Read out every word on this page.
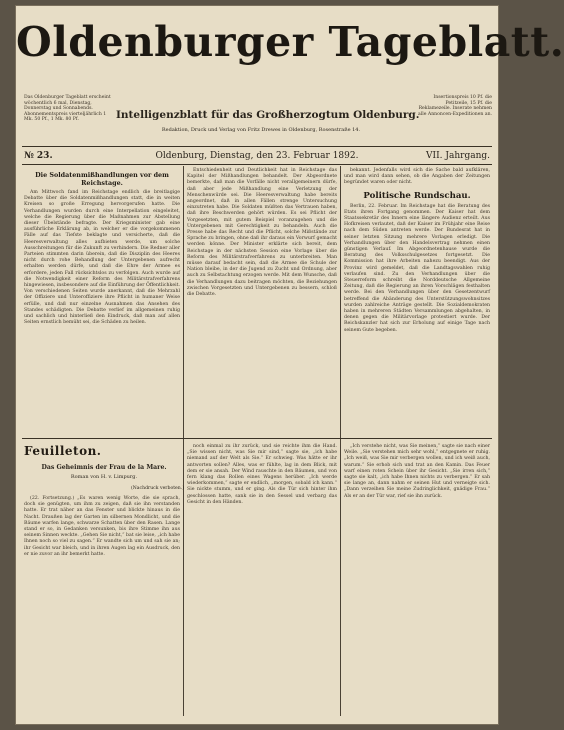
Oldenburger Tageblatt.

Das Oldenburger Tageblatt erscheint wöchentlich 6 mal, Dienstag, Donnerstag und Sonnabends. Abonnementspreis vierteljährlich 1 Mk. 50 Pf., 1 Mk. 80 Pf.

Insertionspreis 10 Pf. die Petitzeile, 15 Pf. die Reklamezeile. Inserate nehmen alle Annoncen-Expeditionen an.

Intelligenzblatt für das Großherzogtum Oldenburg.
Redaktion, Druck und Verlag von Fritz Drewes in Oldenburg, Rosenstraße 14.
№ 23.	Oldenburg, Dienstag, den 23. Februar 1892.	VII. Jahrgang.
Die Soldatenmißhandlungen vor dem Reichstage.

Am Mittwoch fand im Reichstage endlich die breitlagige Debatte über die Soldatenmißhandlungen statt, die in weiten Kreisen so große Erregung hervorgerufen hatte. Die Verhandlungen wurden durch eine Interpellation eingeleitet, welche die Regierung über die Maßnahmen zur Abstellung dieser Übelstände befragte. Der Kriegsminister gab eine ausführliche Erklärung ab, in welcher er die vorgekommenen Fälle auf das Tiefste beklagte und versicherte, daß die Heeresverwaltung alles aufbieten werde, um solche Ausschreitungen für die Zukunft zu verhindern. Die Redner aller Parteien stimmten darin überein, daß die Disziplin des Heeres nicht durch rohe Behandlung der Untergebenen aufrecht erhalten werden dürfe, und daß die Ehre der Armee es erfordere, jeden Fall rücksichtslos zu verfolgen. Auch wurde auf die Notwendigkeit einer Reform des Militärstrafverfahrens hingewiesen, insbesondere auf die Einführung der Öffentlichkeit. Von verschiedenen Seiten wurde anerkannt, daß die Mehrzahl der Offiziere und Unteroffiziere ihre Pflicht in humaner Weise erfülle, und daß nur einzelne Ausnahmen das Ansehen des Standes schädigten. Die Debatte verlief im allgemeinen ruhig und sachlich und hinterließ den Eindruck, daß man auf allen Seiten ernstlich bemüht sei, die Schäden zu heilen.

Entschiedenheit und Deutlichkeit hat in Reichstage das Kapitel der Mißhandlungen behandelt. Der Abgeordnete bemerkte, daß man die Vorfälle nicht verallgemeinern dürfe, daß aber jede Mißhandlung eine Verletzung der Menschenwürde sei. Die Heeresverwaltung habe bereits angeordnet, daß in allen Fällen strenge Untersuchung einzutreten habe. Die Soldaten müßten das Vertrauen haben, daß ihre Beschwerden gehört würden. Es sei Pflicht der Vorgesetzten, mit gutem Beispiel voranzugehen und die Untergebenen mit Gerechtigkeit zu behandeln. Auch die Presse habe das Recht und die Pflicht, solche Mißstände zur Sprache zu bringen, ohne daß ihr daraus ein Vorwurf gemacht werden könne. Der Minister erklärte sich bereit, dem Reichstage in der nächsten Session eine Vorlage über die Reform des Militärstrafverfahrens zu unterbreiten. Man müsse darauf bedacht sein, daß die Armee die Schule der Nation bleibe, in der die Jugend zu Zucht und Ordnung, aber auch zu Selbstachtung erzogen werde. Mit dem Wunsche, daß die Verhandlungen dazu beitragen möchten, die Beziehungen zwischen Vorgesetzten und Untergebenen zu bessern, schloß die Debatte.

bekannt. Jedenfalls wird sich die Sache bald aufklären, und man wird dann sehen, ob die Angaben der Zeitungen begründet waren oder nicht.

Politische Rundschau.

Berlin, 22. Februar. Im Reichstage hat die Beratung des Etats ihren Fortgang genommen. Der Kaiser hat dem Staatssekretär des Innern eine längere Audienz erteilt. Aus Hofkreisen verlautet, daß der Kaiser im Frühjahr eine Reise nach dem Süden antreten werde. Der Bundesrat hat in seiner letzten Sitzung mehrere Vorlagen erledigt. Die Verhandlungen über den Handelsvertrag nehmen einen günstigen Verlauf. Im Abgeordnetenhause wurde die Beratung des Volksschulgesetzes fortgesetzt. Die Kommission hat ihre Arbeiten nahezu beendigt. Aus der Provinz wird gemeldet, daß die Landtagswahlen ruhig verlaufen sind. Zu den Verhandlungen über die Steuerreform schreibt die Norddeutsche Allgemeine Zeitung, daß die Regierung an ihren Vorschlägen festhalten werde. Bei den Verhandlungen über den Gesetzentwurf betreffend die Abänderung des Unterstützungswohnsitzes wurden zahlreiche Anträge gestellt. Die Sozialdemokraten haben in mehreren Städten Versammlungen abgehalten, in denen gegen die Militärvorlage protestiert wurde. Der Reichskanzler hat sich zur Erholung auf einige Tage nach seinem Gute begeben.

Feuilleton.
Das Geheimnis der Frau de la Mare.
Roman von H. v. Limpurg.
(Nachdruck verboten.)

(22. Fortsetzung.) „Es waren wenig Worte, die sie sprach, doch sie genügten, um ihm zu zeigen, daß sie ihn verstanden hatte. Er trat näher an das Fenster und blickte hinaus in die Nacht. Draußen lag der Garten im silbernen Mondlicht, und die Bäume warfen lange, schwarze Schatten über den Rasen. Lange stand er so, in Gedanken versunken, bis ihre Stimme ihn aus seinem Sinnen weckte. „Gehen Sie nicht,“ bat sie leise, „ich habe Ihnen noch so viel zu sagen.“ Er wandte sich um und sah sie an; ihr Gesicht war bleich, und in ihren Augen lag ein Ausdruck, den er nie zuvor an ihr bemerkt hatte.

noch einmal zu ihr zurück, und sie reichte ihm die Hand. „Sie wissen nicht, was Sie mir sind,“ sagte sie, „ich habe niemand auf der Welt als Sie.“ Er schwieg. Was hätte er ihr antworten sollen? Alles, was er fühlte, lag in dem Blick, mit dem er sie ansah. Der Wind rauschte in den Bäumen, und von fern klang das Rollen eines Wagens herüber. „Ich werde wiederkommen,“ sagte er endlich, „morgen, sobald ich kann.“ Sie nickte stumm, und er ging. Als die Tür sich hinter ihm geschlossen hatte, sank sie in den Sessel und verbarg das Gesicht in den Händen.

„Ich verstehe nicht, was Sie meinen,“ sagte sie nach einer Weile. „Sie verstehen mich sehr wohl,“ entgegnete er ruhig. „Ich weiß, was Sie mir verbergen wollen, und ich weiß auch, warum.“ Sie erhob sich und trat an den Kamin. Das Feuer warf einen roten Schein über ihr Gesicht. „Sie irren sich,“ sagte sie kalt, „ich habe Ihnen nichts zu verbergen.“ Er sah sie lange an, dann nahm er seinen Hut und verneigte sich. „Dann verzeihen Sie meine Zudringlichkeit, gnädige Frau.“ Als er an der Tür war, rief sie ihn zurück.
